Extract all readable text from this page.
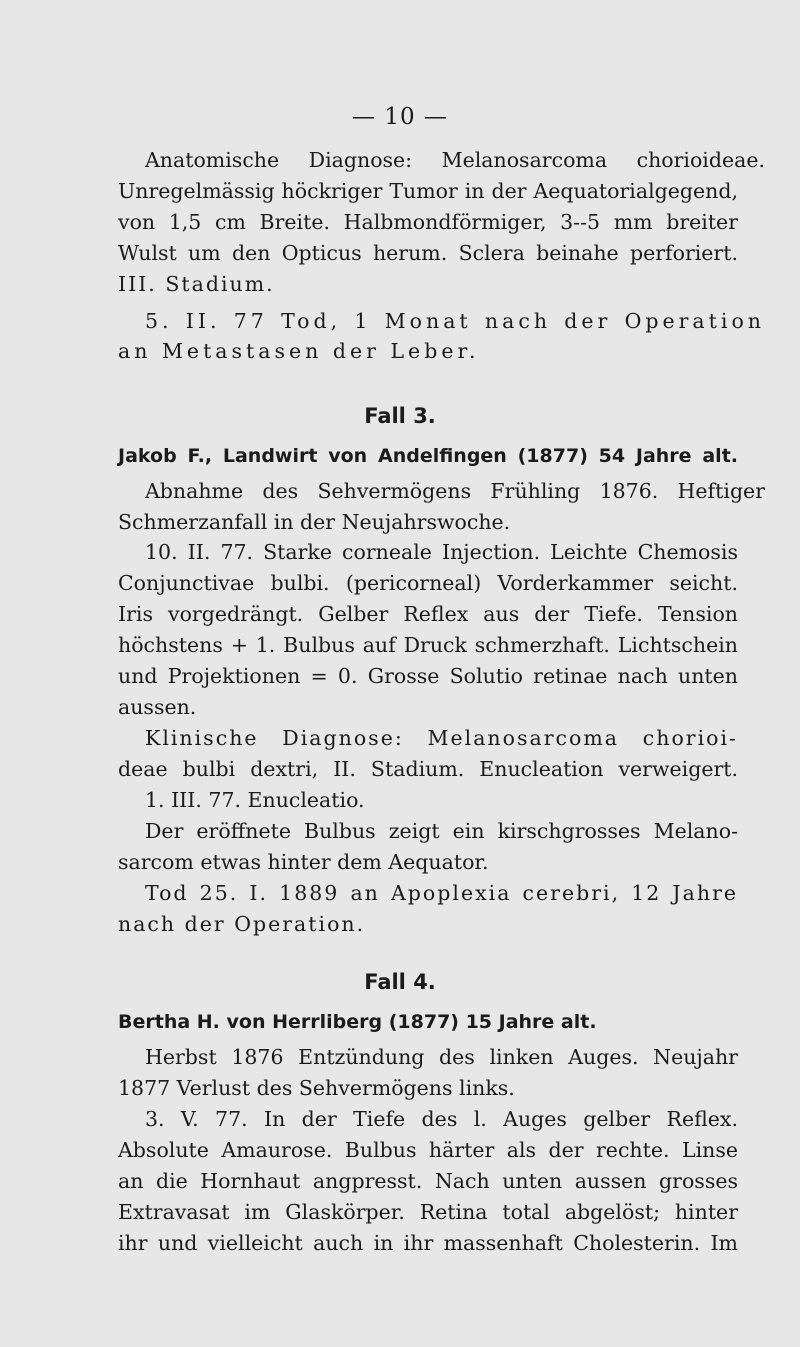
— 10 —
Anatomische Diagnose: Melanosarcoma chorioideae.
Unregelmässig höckriger Tumor in der Aequatorialgegend,
von 1,5 cm Breite. Halbmondförmiger, 3--5 mm breiter
Wulst um den Opticus herum. Sclera beinahe perforiert.
III. Stadium.
5. II. 77 Tod, 1 Monat nach der Operation
an Metastasen der Leber.
Fall 3.
Jakob F., Landwirt von Andelfingen (1877) 54 Jahre alt.
Abnahme des Sehvermögens Frühling 1876. Heftiger
Schmerzanfall in der Neujahrswoche.
10. II. 77. Starke corneale Injection. Leichte Chemosis
Conjunctivae bulbi. (pericorneal) Vorderkammer seicht.
Iris vorgedrängt. Gelber Reflex aus der Tiefe. Tension
höchstens + 1. Bulbus auf Druck schmerzhaft. Lichtschein
und Projektionen = 0. Grosse Solutio retinae nach unten
aussen.
Klinische Diagnose: Melanosarcoma chorioi-
deae bulbi dextri, II. Stadium. Enucleation verweigert.
1. III. 77. Enucleatio.
Der eröffnete Bulbus zeigt ein kirschgrosses Melano-
sarcom etwas hinter dem Aequator.
Tod 25. I. 1889 an Apoplexia cerebri, 12 Jahre
nach der Operation.
Fall 4.
Bertha H. von Herrliberg (1877) 15 Jahre alt.
Herbst 1876 Entzündung des linken Auges. Neujahr
1877 Verlust des Sehvermögens links.
3. V. 77. In der Tiefe des l. Auges gelber Reflex.
Absolute Amaurose. Bulbus härter als der rechte. Linse
an die Hornhaut angpresst. Nach unten aussen grosses
Extravasat im Glaskörper. Retina total abgelöst; hinter
ihr und vielleicht auch in ihr massenhaft Cholesterin. Im
